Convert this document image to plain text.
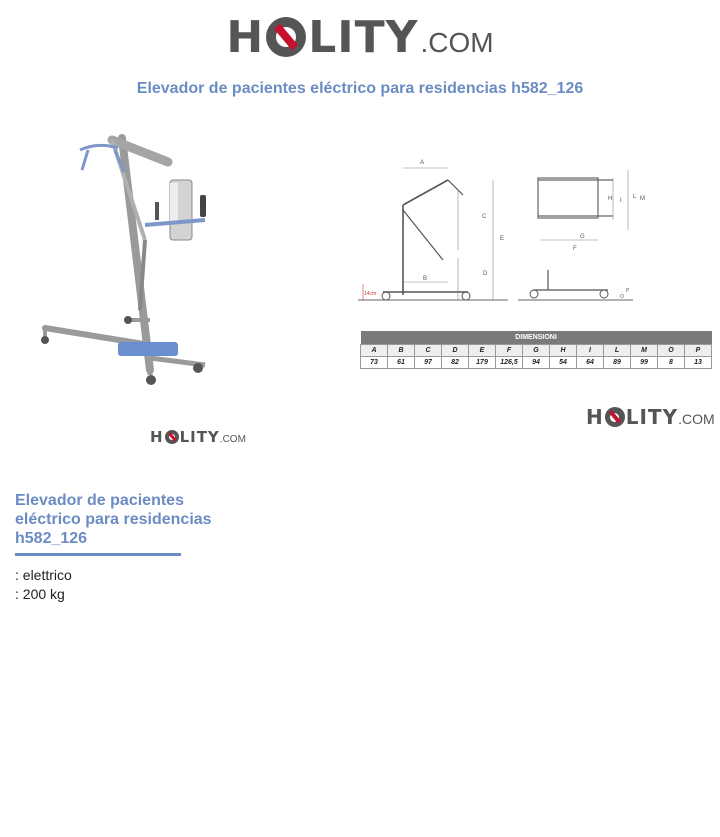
H LITY .COM
Elevador de pacientes eléctrico para residencias h582_126
H LITY .COM
A
C
E
B
D
14cm
H I
L M
G
F
O
P
DIMENSIONI												
A	B	C	D	E	F	G	H	I	L	M	O	P
73	61	97	82	179	126,5	94	54	64	89	99	8	13
H LITY .COM
Elevador de pacientes eléctrico para residencias h582_126
: elettrico
: 200 kg
